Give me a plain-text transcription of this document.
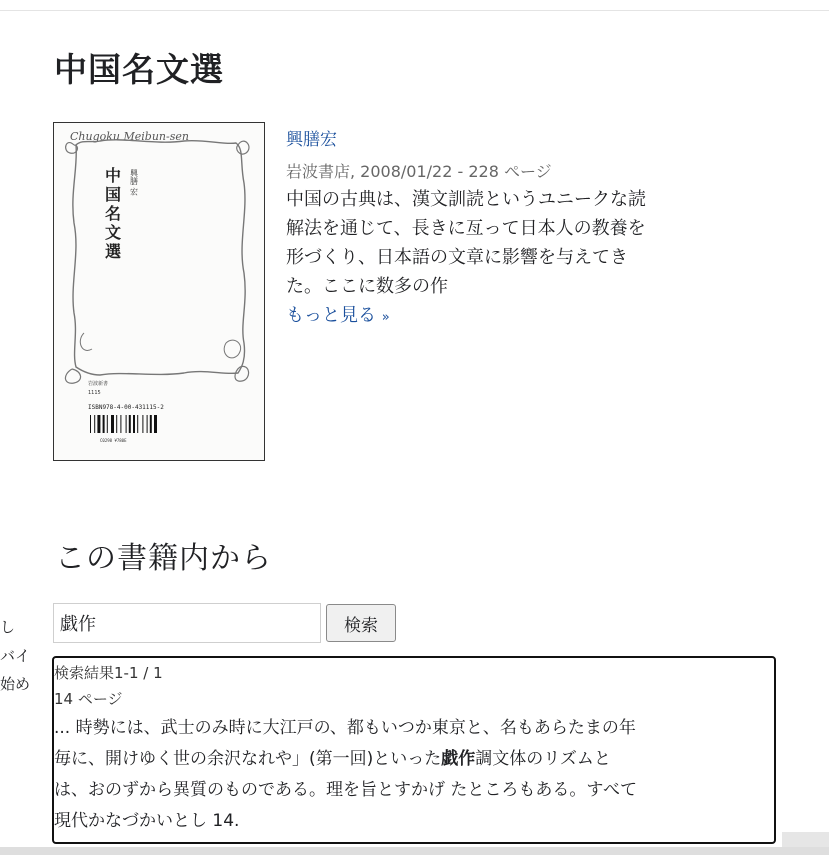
し
バイ
始め
中国名文選
Chugoku Meibun-sen
中国名文選 興膳 宏
岩波新書
1115
ISBN978-4-00-431115-2
C0298 ¥780E
興膳宏
岩波書店, 2008/01/22 - 228 ページ
中国の古典は、漢文訓読というユニークな読解法を通じて、長きに亙って日本人の教養を形づくり、日本語の文章に影響を与えてきた。ここに数多の作
もっと見る »
この書籍内から
戯作
検索
検索結果1-1 / 1
14 ページ

... 時勢には、武士のみ時に大江戸の、都もいつか東京と、名もあらたまの年
毎に、開けゆく世の余沢なれや」(第一回)といった戯作調文体のリズムと
は、おのずから異質のものである。理を旨とすかげ たところもある。すべて
現代かなづかいとし 14.
